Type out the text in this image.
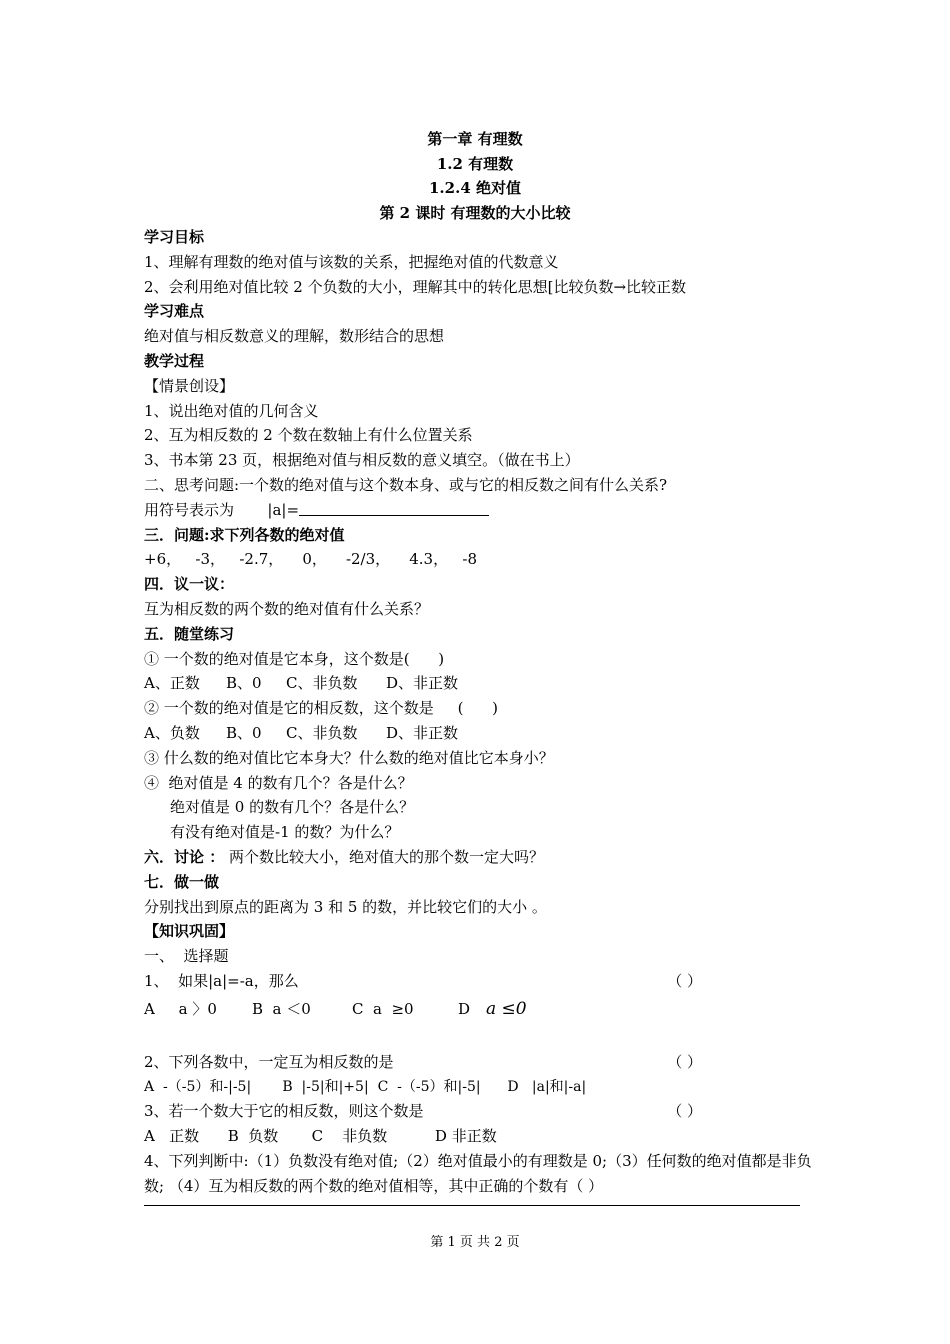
第一章 有理数
1.2 有理数
1.2.4 绝对值
第 2 课时 有理数的大小比较
学习目标
1、理解有理数的绝对值与该数的关系，把握绝对值的代数意义
2、会利用绝对值比较 2 个负数的大小，理解其中的转化思想[比较负数→比较正数
学习难点
绝对值与相反数意义的理解，数形结合的思想
教学过程
【情景创设】
1、说出绝对值的几何含义
2、互为相反数的 2 个数在数轴上有什么位置关系
3、书本第 23 页，根据绝对值与相反数的意义填空。（做在书上）
二、思考问题:一个数的绝对值与这个数本身、或与它的相反数之间有什么关系?
用符号表示为 |a|=
三．问题:求下列各数的绝对值
+6，   -3，   -2.7，    0，    -2/3，    4.3，   -8
四．议一议：
互为相反数的两个数的绝对值有什么关系？
五．随堂练习
① 一个数的绝对值是它本身，这个数是(      )
A、正数 B、0 C、非负数 D、非正数
② 一个数的绝对值是它的相反数，这个数是     (      )
A、负数 B、0 C、非负数 D、非正数
③ 什么数的绝对值比它本身大？什么数的绝对值比它本身小？
④  绝对值是 4 的数有几个？各是什么？
绝对值是 0 的数有几个？各是什么？
有没有绝对值是-1 的数？为什么？
六．讨论 ： 两个数比较大小，绝对值大的那个数一定大吗？
七．做一做
分别找出到原点的距离为 3 和 5 的数，并比较它们的大小 。
【知识巩固】
一、  选择题
1、  如果|a|=-a，那么	（ ）
A     a 〉0 B  a ＜0	C  a  ≥0	D a ≤0
2、下列各数中，一定互为相反数的是	（ ）
A  -（-5）和-|-5|       B  |-5|和|+5|  C  -（-5）和|-5|      D   |a|和|-a|
3、若一个数大于它的相反数，则这个数是	（ ）
A   正数      B  负数       C    非负数          D 非正数
4、下列判断中:（1）负数没有绝对值;（2）绝对值最小的有理数是 0;（3）任何数的绝对值都是非负数; （4）互为相反数的两个数的绝对值相等，其中正确的个数有（ ）
第 1 页 共 2 页
